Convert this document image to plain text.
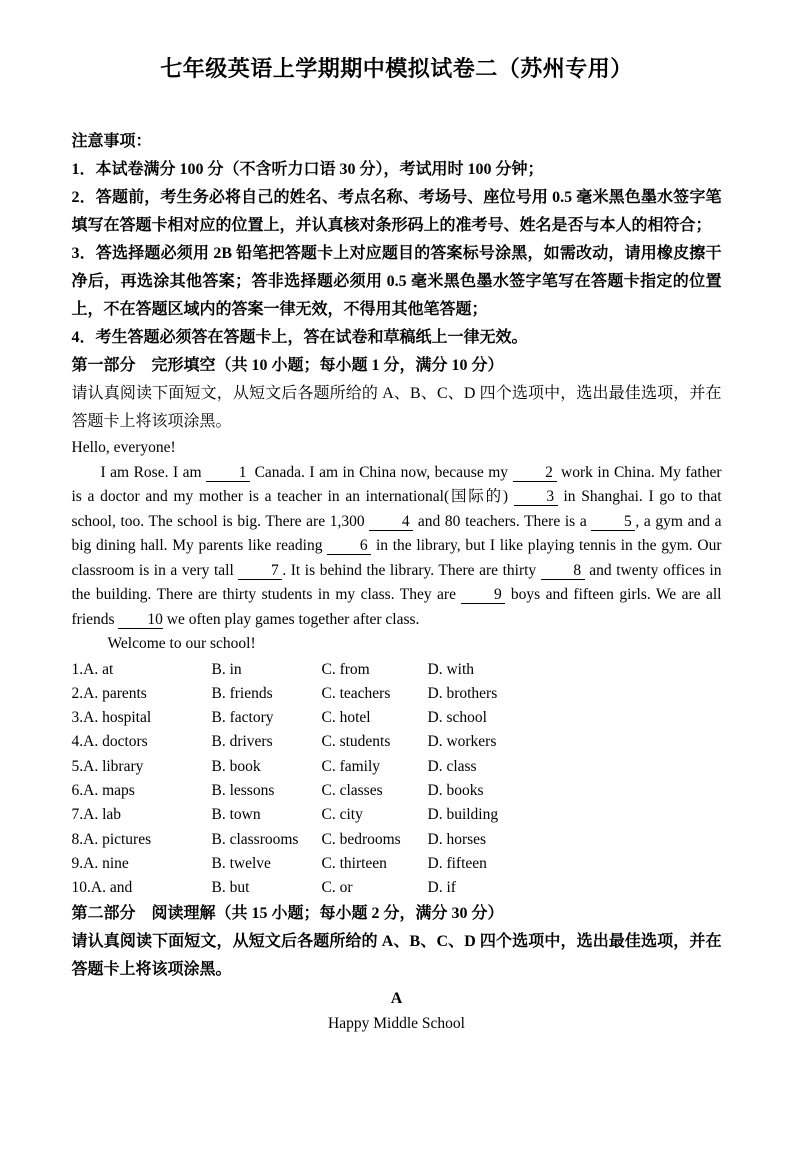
七年级英语上学期期中模拟试卷二（苏州专用）
注意事项：
1．本试卷满分 100 分（不含听力口语 30 分），考试用时 100 分钟；
2．答题前，考生务必将自己的姓名、考点名称、考场号、座位号用 0.5 毫米黑色墨水签字笔填写在答题卡相对应的位置上，并认真核对条形码上的准考号、姓名是否与本人的相符合；
3．答选择题必须用 2B 铅笔把答题卡上对应题目的答案标号涂黑，如需改动，请用橡皮擦干净后，再选涂其他答案；答非选择题必须用 0.5 毫米黑色墨水签字笔写在答题卡指定的位置上，不在答题区域内的答案一律无效，不得用其他笔答题；
4．考生答题必须答在答题卡上，答在试卷和草稿纸上一律无效。
第一部分　完形填空（共 10 小题；每小题 1 分，满分 10 分）
请认真阅读下面短文，从短文后各题所给的 A、B、C、D 四个选项中，选出最佳选项，并在答题卡上将该项涂黑。
Hello, everyone!

I am Rose. I am 1 Canada. I am in China now, because my 2 work in China. My father is a doctor and my mother is a teacher in an international(国际的) 3 in Shanghai. I go to that school, too. The school is big. There are 1,300 4 and 80 teachers. There is a 5 , a gym and a big dining hall. My parents like reading 6 in the library, but I like playing tennis in the gym. Our classroom is in a very tall 7 . It is behind the library. There are thirty 8 and twenty offices in the building. There are thirty students in my class. They are 9 boys and fifteen girls. We are all friends 10 we often play games together after class.

Welcome to our school!
1.A. at	B. in	C. from	D. with
2.A. parents	B. friends	C. teachers	D. brothers
3.A. hospital	B. factory	C. hotel	D. school
4.A. doctors	B. drivers	C. students	D. workers
5.A. library	B. book	C. family	D. class
6.A. maps	B. lessons	C. classes	D. books
7.A. lab	B. town	C. city	D. building
8.A. pictures	B. classrooms	C. bedrooms	D. horses
9.A. nine	B. twelve	C. thirteen	D. fifteen
10.A. and	B. but	C. or	D. if
第二部分　阅读理解（共 15 小题；每小题 2 分，满分 30 分）
请认真阅读下面短文，从短文后各题所给的 A、B、C、D 四个选项中，选出最佳选项，并在答题卡上将该项涂黑。
A
Happy Middle School
